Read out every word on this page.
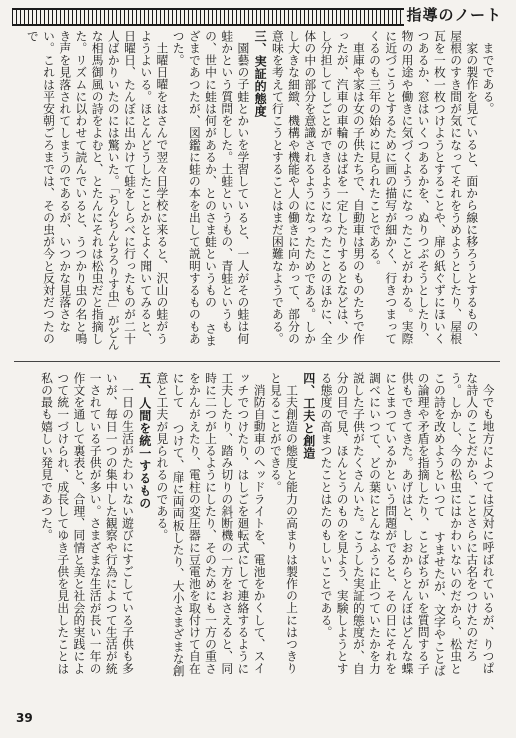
指導のノート

までである。

家の製作を見ていると、面から線に移ろうとするもの、屋根のすき間が気になってそれをうめようとしたり、屋根瓦を一枚一枚つけようとすることや、扉の紙ぐずにほいくつあるか、窓はいくつあるかを、ぬりつぶそうとしたり、物の用途や働きに気づくようになったことがわかる。実際に近づこうとするために画の描写が細かく、行きつまってくるのも三年の始めに見られたことである。

車庫や家は女の子供たちで、自動車は男のものたちで作ったが、汽車の車輪のはばを一定したりするとなどは、少し分担してしごとができるようになったことのほかに、全体の中の部分を意識されるようになったためである。しかし大きな細緻、機構や機能や人の働きに向かって、部分の意味を考えて行こうとすることはまだ困難なようである。

三、実証的態度

園藝の子蛙とかいを学習していると、一人がその蛙は何蛙かという質問をした。土蛙というもの、青蛙というもの、世中に蛙は何があるか、とのさま蛙というもの さまざまであつたが、図鑑に蛙の本を出して説明するものもあつた。

土曜日曜をはさんで翌々日学校に来ると、沢山の蛙がうようよいる。ほとんどうしたことかとよく聞いてみると、日曜日、たんぼに出かけて蛙をしらべに行ったものが二十人ばかりいたのには驚いた。「ちんちんちろりす虫」がどんな相馬御風の詩をよむと、とたんにそれは松虫だと指摘した。リズムに以わせて読んでいると、うつかり虫の名と鳴き声を見落されてしまうのであるが、いつかな見落さない。これは平安朝ごろまでは、その虫が今と反対だつたので

今でも地方によつては反対に呼ばれているが、りつぱな詩人のことだから、ことさらに古名をつけたのだろう。しかし、今の松虫にはかわいないのだから、松虫とこの詩を改めようといつて すませたが、文字やことばの論理や矛盾を指摘したり、ことばちがいを質問する子供もできてきた。あげはと、しおからとんぼはどんな蝶にとまつているかという問題がでると、その日にそれを調べにいつて、どの葉にとんなふうに止つていたかを力説した子供がたくさんいた。こうした実証的態度が、自分の目で見、ほんとうのものを見よう、実験しようとする態度の高まつたことはたのもしいことである。

四、工夫と創造

工夫創造の態度と能力の高まりは製作の上にはつきりと見ることができる。

消防自動車のヘッドライトを、電池をかくして、スイッチでつけたり、はしごを廻転式にして連絡するように工夫したり、踏み切りの斜断機の一方をおさえると、同時に二つが上るようにしたり、そのためにも一方の重さをかんがえたり、電柱の変圧器に豆電池を取付けて自在にして つけて、扉に両両板したり、大小さまざまな創意と工夫が見られるのである。

五、人間を統一するもの

一日の生活がたわいない遊びにすごしている子供も多いが、毎日一つの集中した観察や行為によつて生活が統一されている子供が多い。さまざまな生活が長い一年の作文を通して裏表と、合理、同情と美と社会的実践によつて統一づけられ、成長してゆき子供を見出したことは私の最も嬉しい発見であつた。

39
